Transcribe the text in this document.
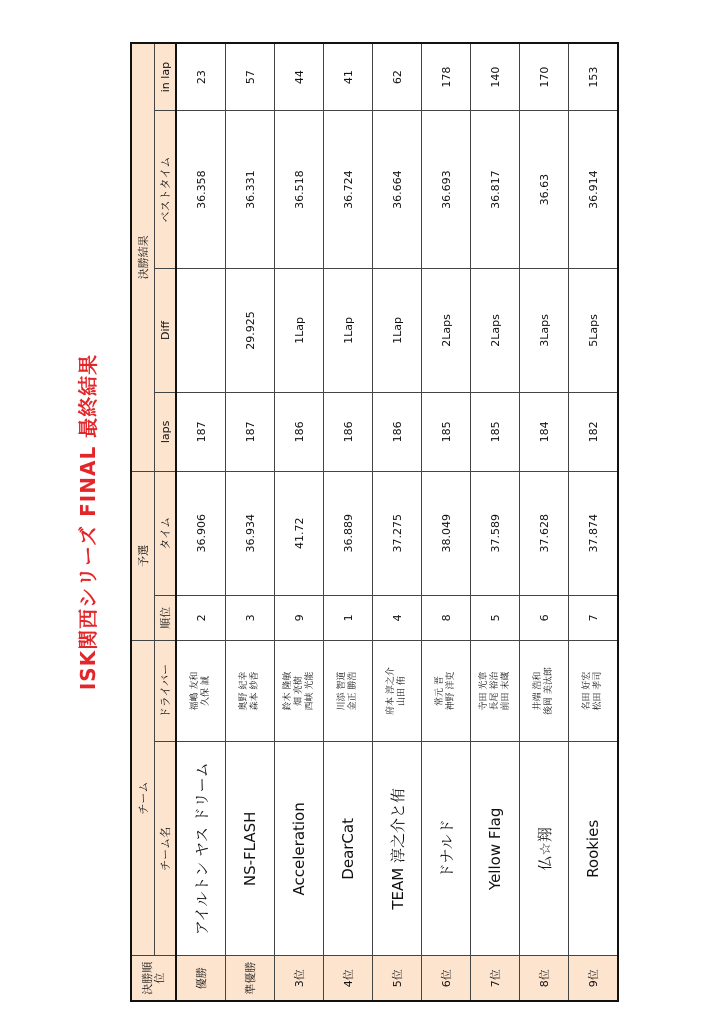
ISK関西シリーズ FINAL 最終結果
決勝順位	チーム		予選		決勝結果			
	チーム名	ドライバー	順位	タイム	laps	Diff	ベストタイム	in lap
優勝	アイルトン ヤス ドリーム	福嶋 友和 久保 誠	2	36.906	187		36.358	23
準優勝	NS-FLASH	奥野 紀幸 森本 紗香	3	36.934	187	29.925	36.331	57
3位	Acceleration	鈴木 隆敏 畑 亮樹 西峡 光能	9	41.72	186	1Lap	36.518	44
4位	DearCat	川添 智道 金正 勝浩	1	36.889	186	1Lap	36.724	41
5位	TEAM 淳之介と侑	府本 淳之介 山田 侑	4	37.275	186	1Lap	36.664	62
6位	ドナルド	常元 晋 神野 洋吏	8	38.049	185	2Laps	36.693	178
7位	Yellow Flag	寺田 光章 長尾 裕治 前田 末蔵	5	37.589	185	2Laps	36.817	140
8位	仏☆翔	井端 浩和 後岡 美汰郎	6	37.628	184	3Laps	36.63	170
9位	Rookies	名田 好宏 松田 孝司	7	37.874	182	5Laps	36.914	153
